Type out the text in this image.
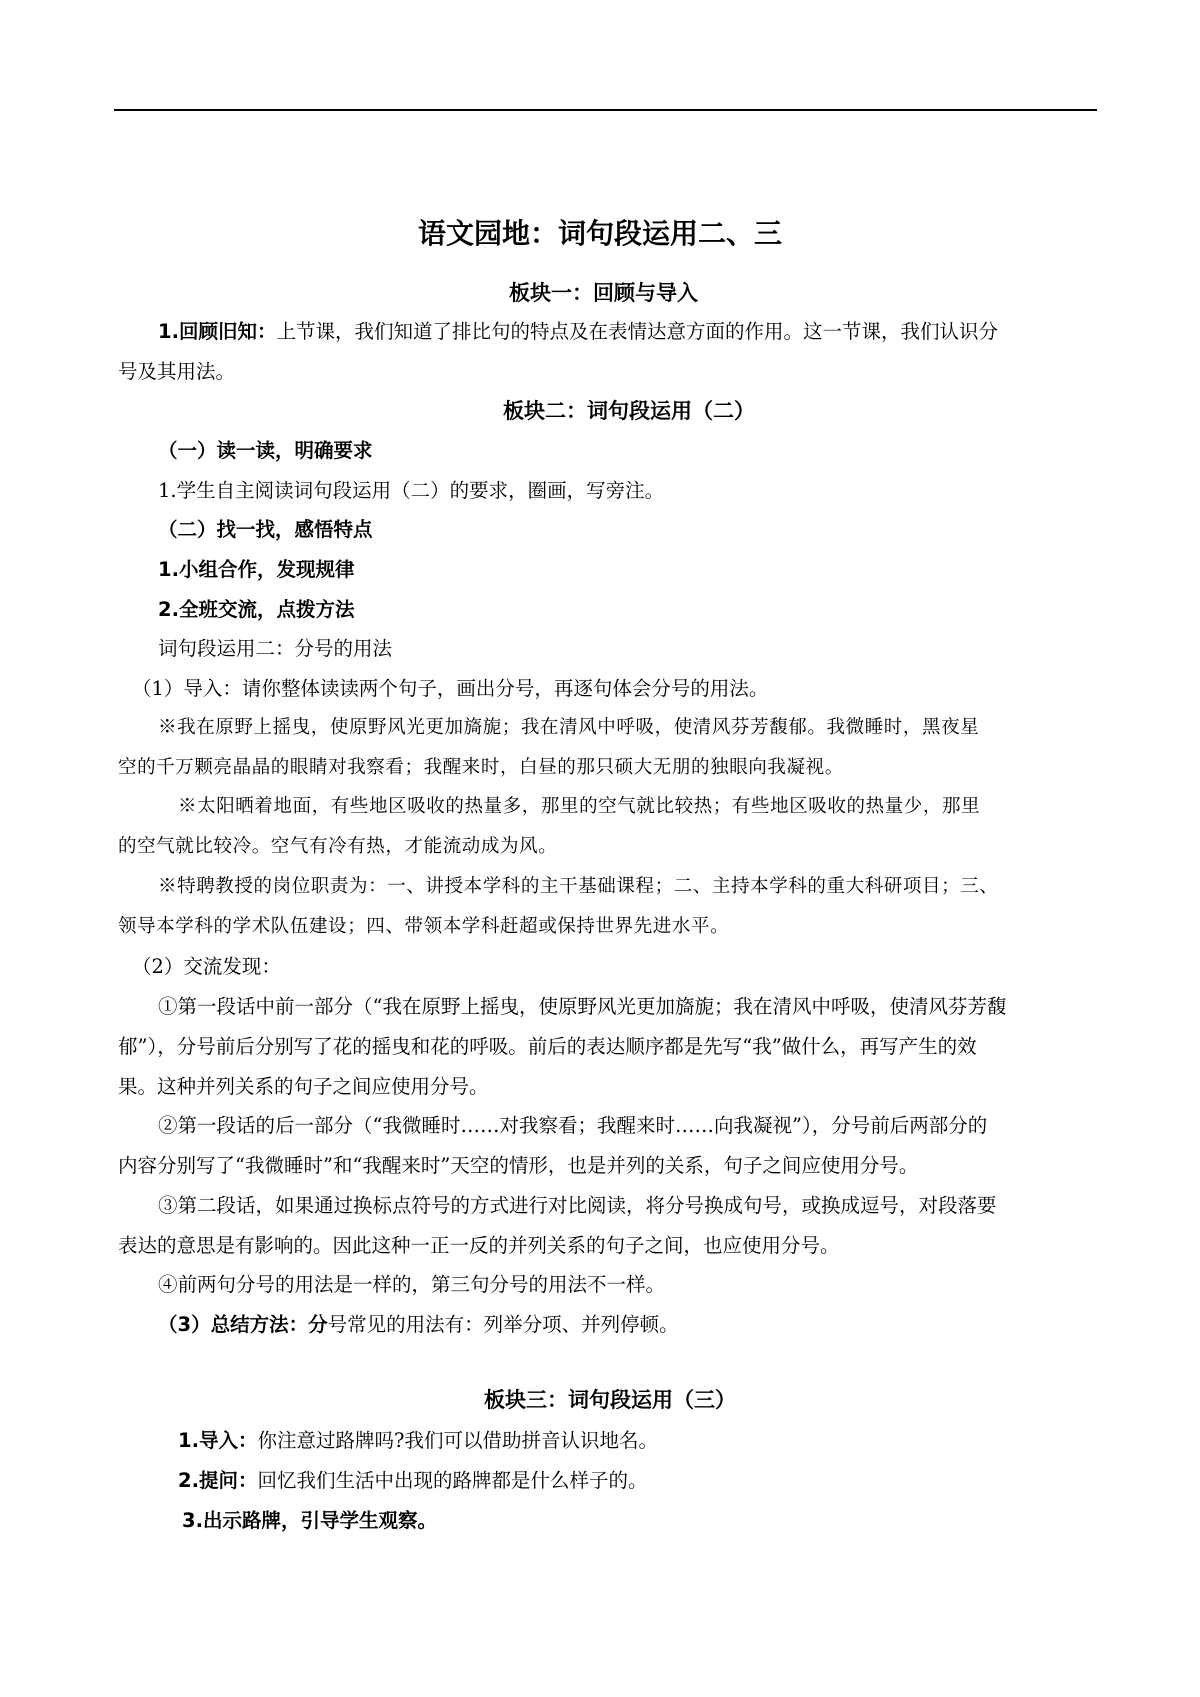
语文园地：词句段运用二、三
板块一：回顾与导入
1.回顾旧知：上节课，我们知道了排比句的特点及在表情达意方面的作用。这一节课，我们认识分
号及其用法。
板块二：词句段运用（二）
（一）读一读，明确要求
1.学生自主阅读词句段运用（二）的要求，圈画，写旁注。
（二）找一找，感悟特点
1.小组合作，发现规律
2.全班交流，点拨方法
词句段运用二：分号的用法
（1）导入：请你整体读读两个句子，画出分号，再逐句体会分号的用法。
※我在原野上摇曳，使原野风光更加旖旎；我在清风中呼吸，使清风芬芳馥郁。我微睡时，黑夜星
空的千万颗亮晶晶的眼睛对我察看；我醒来时，白昼的那只硕大无朋的独眼向我凝视。
※太阳晒着地面，有些地区吸收的热量多，那里的空气就比较热；有些地区吸收的热量少，那里
的空气就比较冷。空气有冷有热，才能流动成为风。
※特聘教授的岗位职责为：一、讲授本学科的主干基础课程；二、主持本学科的重大科研项目；三、
领导本学科的学术队伍建设；四、带领本学科赶超或保持世界先进水平。
（2）交流发现：
①第一段话中前一部分（“我在原野上摇曳，使原野风光更加旖旎；我在清风中呼吸，使清风芬芳馥
郁”），分号前后分别写了花的摇曳和花的呼吸。前后的表达顺序都是先写“我”做什么，再写产生的效
果。这种并列关系的句子之间应使用分号。
②第一段话的后一部分（“我微睡时……对我察看；我醒来时……向我凝视”），分号前后两部分的
内容分别写了“我微睡时”和“我醒来时”天空的情形，也是并列的关系，句子之间应使用分号。
③第二段话，如果通过换标点符号的方式进行对比阅读，将分号换成句号，或换成逗号，对段落要
表达的意思是有影响的。因此这种一正一反的并列关系的句子之间，也应使用分号。
④前两句分号的用法是一样的，第三句分号的用法不一样。
（3）总结方法：分号常见的用法有：列举分项、并列停顿。
板块三：词句段运用（三）
1.导入：你注意过路牌吗?我们可以借助拼音认识地名。
2.提问：回忆我们生活中出现的路牌都是什么样子的。
3.出示路牌，引导学生观察。
